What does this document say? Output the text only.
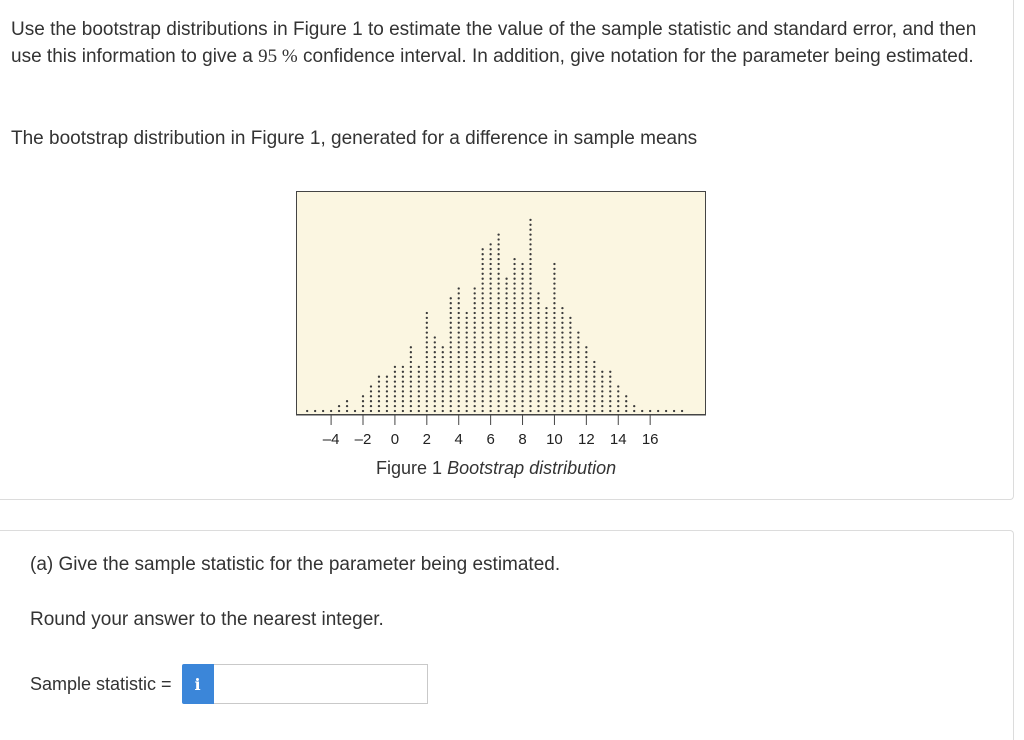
Use the bootstrap distributions in Figure 1 to estimate the value of the sample statistic and standard error, and then use this information to give a 95 % confidence interval. In addition, give notation for the parameter being estimated.

The bootstrap distribution in Figure 1, generated for a difference in sample means

–4 –2 0 2 4 6 8 10 12 14 16
Figure 1 Bootstrap distribution

(a) Give the sample statistic for the parameter being estimated.

Round your answer to the nearest integer.

Sample statistic =	i
